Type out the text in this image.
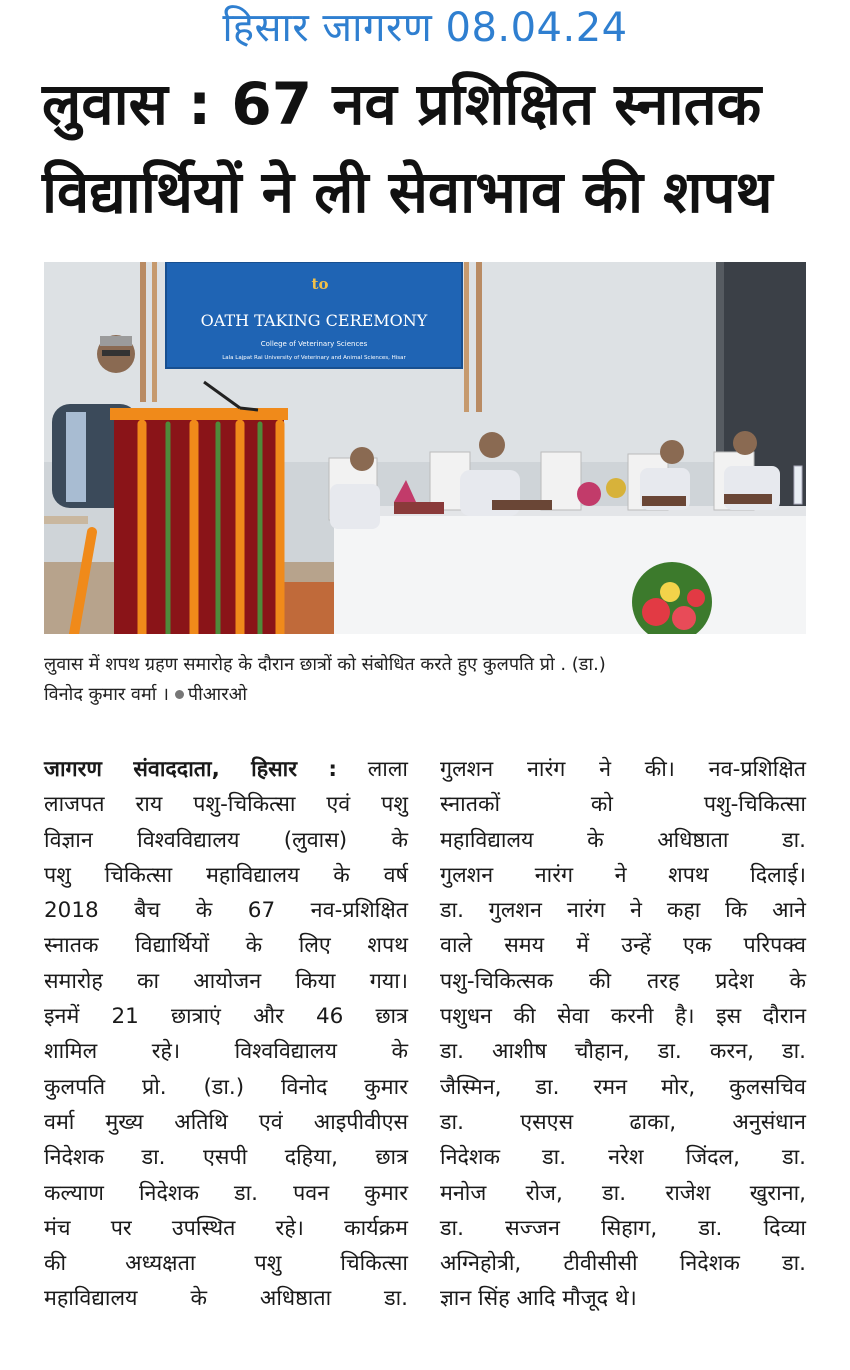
हिसार जागरण 08.04.24
लुवास : 67 नव प्रशिक्षित स्नातक
विद्यार्थियों ने ली सेवाभाव की शपथ
to
OATH TAKING CEREMONY
College of Veterinary Sciences
Lala Lajpat Rai University of Veterinary and Animal Sciences, Hisar
लुवास में शपथ ग्रहण समारोह के दौरान छात्रों को संबोधित करते हुए कुलपति प्रो . (डा.)
विनोद कुमार वर्मा । पीआरओ
जागरण संवाददाता, हिसार : लाला
लाजपत राय पशु-चिकित्सा एवं पशु
विज्ञान विश्वविद्यालय (लुवास) के
पशु चिकित्सा महाविद्यालय के वर्ष
2018 बैच के 67 नव-प्रशिक्षित
स्नातक विद्यार्थियों के लिए शपथ
समारोह का आयोजन किया गया।
इनमें 21 छात्राएं और 46 छात्र
शामिल रहे। विश्वविद्यालय के
कुलपति प्रो. (डा.) विनोद कुमार
वर्मा मुख्य अतिथि एवं आइपीवीएस
निदेशक डा. एसपी दहिया, छात्र
कल्याण निदेशक डा. पवन कुमार
मंच पर उपस्थित रहे। कार्यक्रम
की अध्यक्षता पशु चिकित्सा
महाविद्यालय के अधिष्ठाता डा.
गुलशन नारंग ने की। नव-प्रशिक्षित
स्नातकों को पशु-चिकित्सा
महाविद्यालय के अधिष्ठाता डा.
गुलशन नारंग ने शपथ दिलाई।
डा. गुलशन नारंग ने कहा कि आने
वाले समय में उन्हें एक परिपक्व
पशु-चिकित्सक की तरह प्रदेश के
पशुधन की सेवा करनी है। इस दौरान
डा. आशीष चौहान, डा. करन, डा.
जैस्मिन, डा. रमन मोर, कुलसचिव
डा. एसएस ढाका, अनुसंधान
निदेशक डा. नरेश जिंदल, डा.
मनोज रोज, डा. राजेश खुराना,
डा. सज्जन सिहाग, डा. दिव्या
अग्निहोत्री, टीवीसीसी निदेशक डा.
ज्ञान सिंह आदि मौजूद थे।
